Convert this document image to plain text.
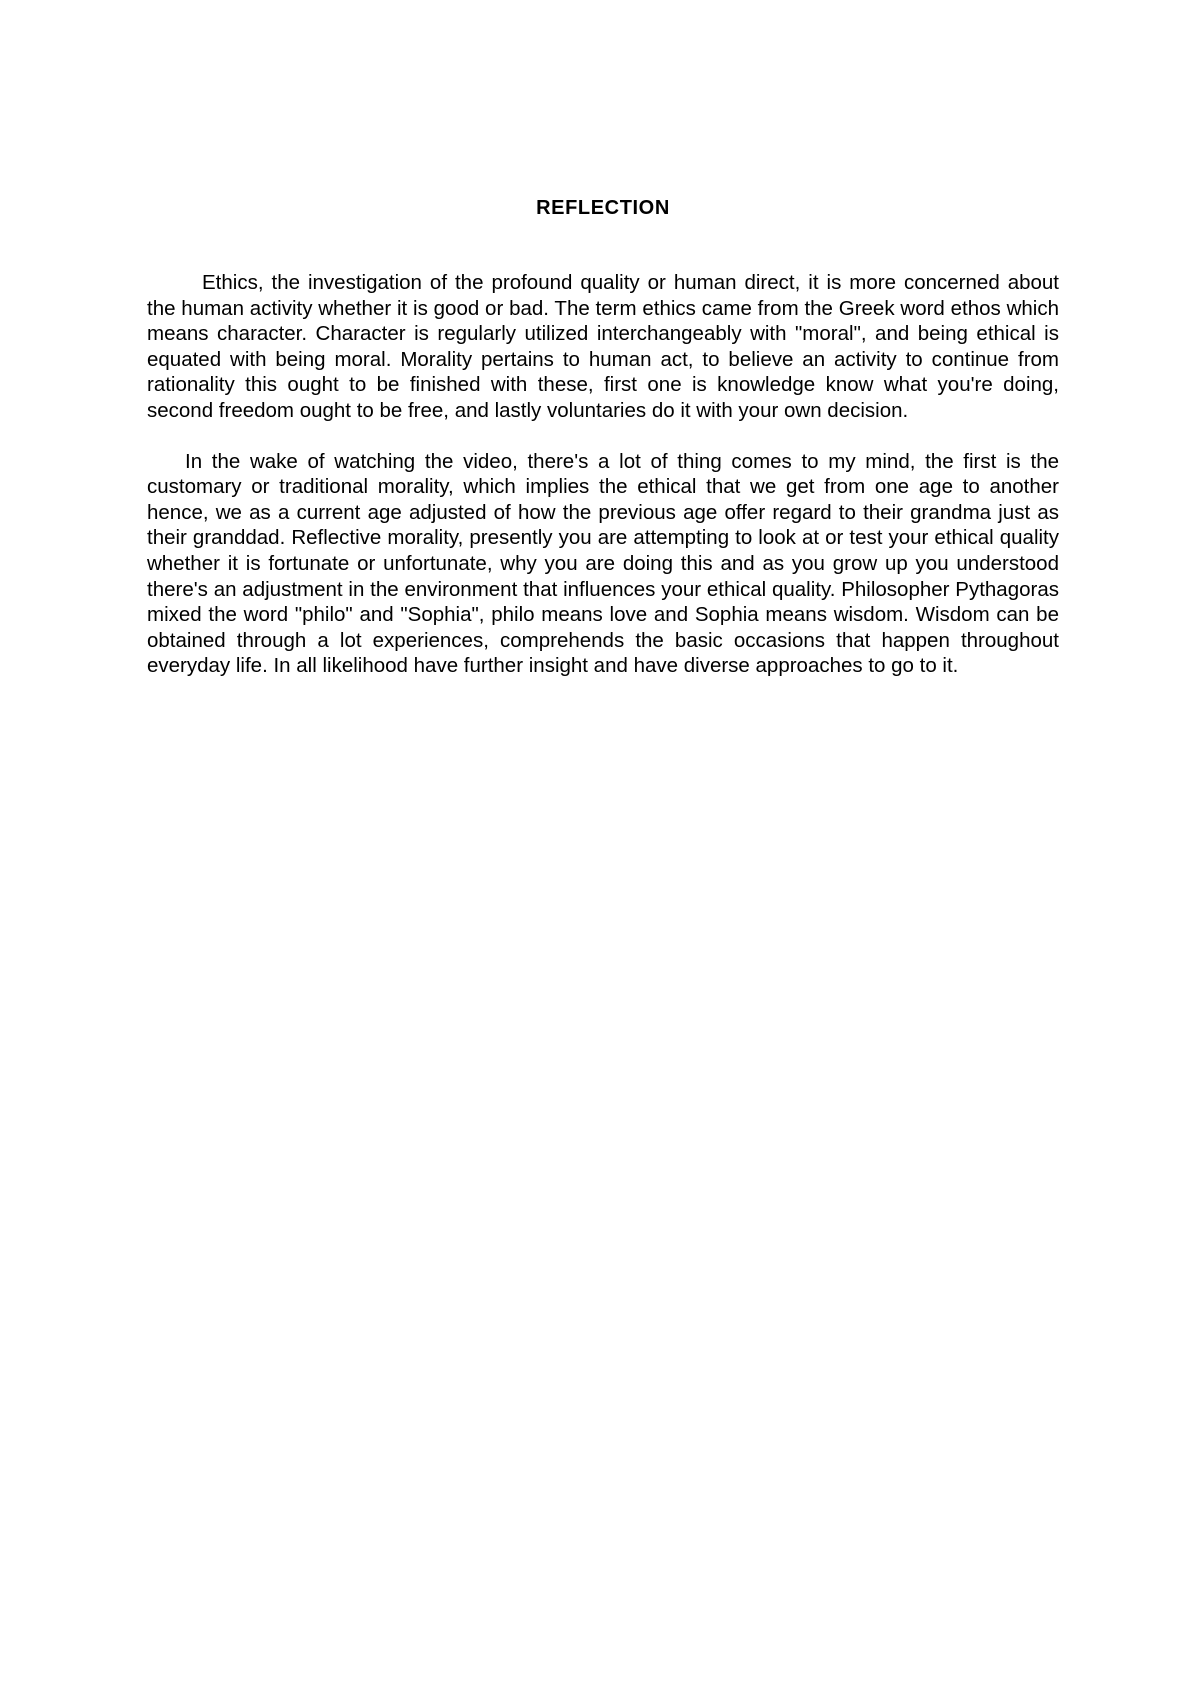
REFLECTION

Ethics, the investigation of the profound quality or human direct, it is more concerned about the human activity whether it is good or bad. The term ethics came from the Greek word ethos which means character. Character is regularly utilized interchangeably with "moral", and being ethical is equated with being moral. Morality pertains to human act, to believe an activity to continue from rationality this ought to be finished with these, first one is knowledge know what you're doing, second freedom ought to be free, and lastly voluntaries do it with your own decision.

In the wake of watching the video, there's a lot of thing comes to my mind, the first is the customary or traditional morality, which implies the ethical that we get from one age to another hence, we as a current age adjusted of how the previous age offer regard to their grandma just as their granddad. Reflective morality, presently you are attempting to look at or test your ethical quality whether it is fortunate or unfortunate, why you are doing this and as you grow up you understood there's an adjustment in the environment that influences your ethical quality. Philosopher Pythagoras mixed the word "philo" and "Sophia", philo means love and Sophia means wisdom. Wisdom can be obtained through a lot experiences, comprehends the basic occasions that happen throughout everyday life. In all likelihood have further insight and have diverse approaches to go to it.
